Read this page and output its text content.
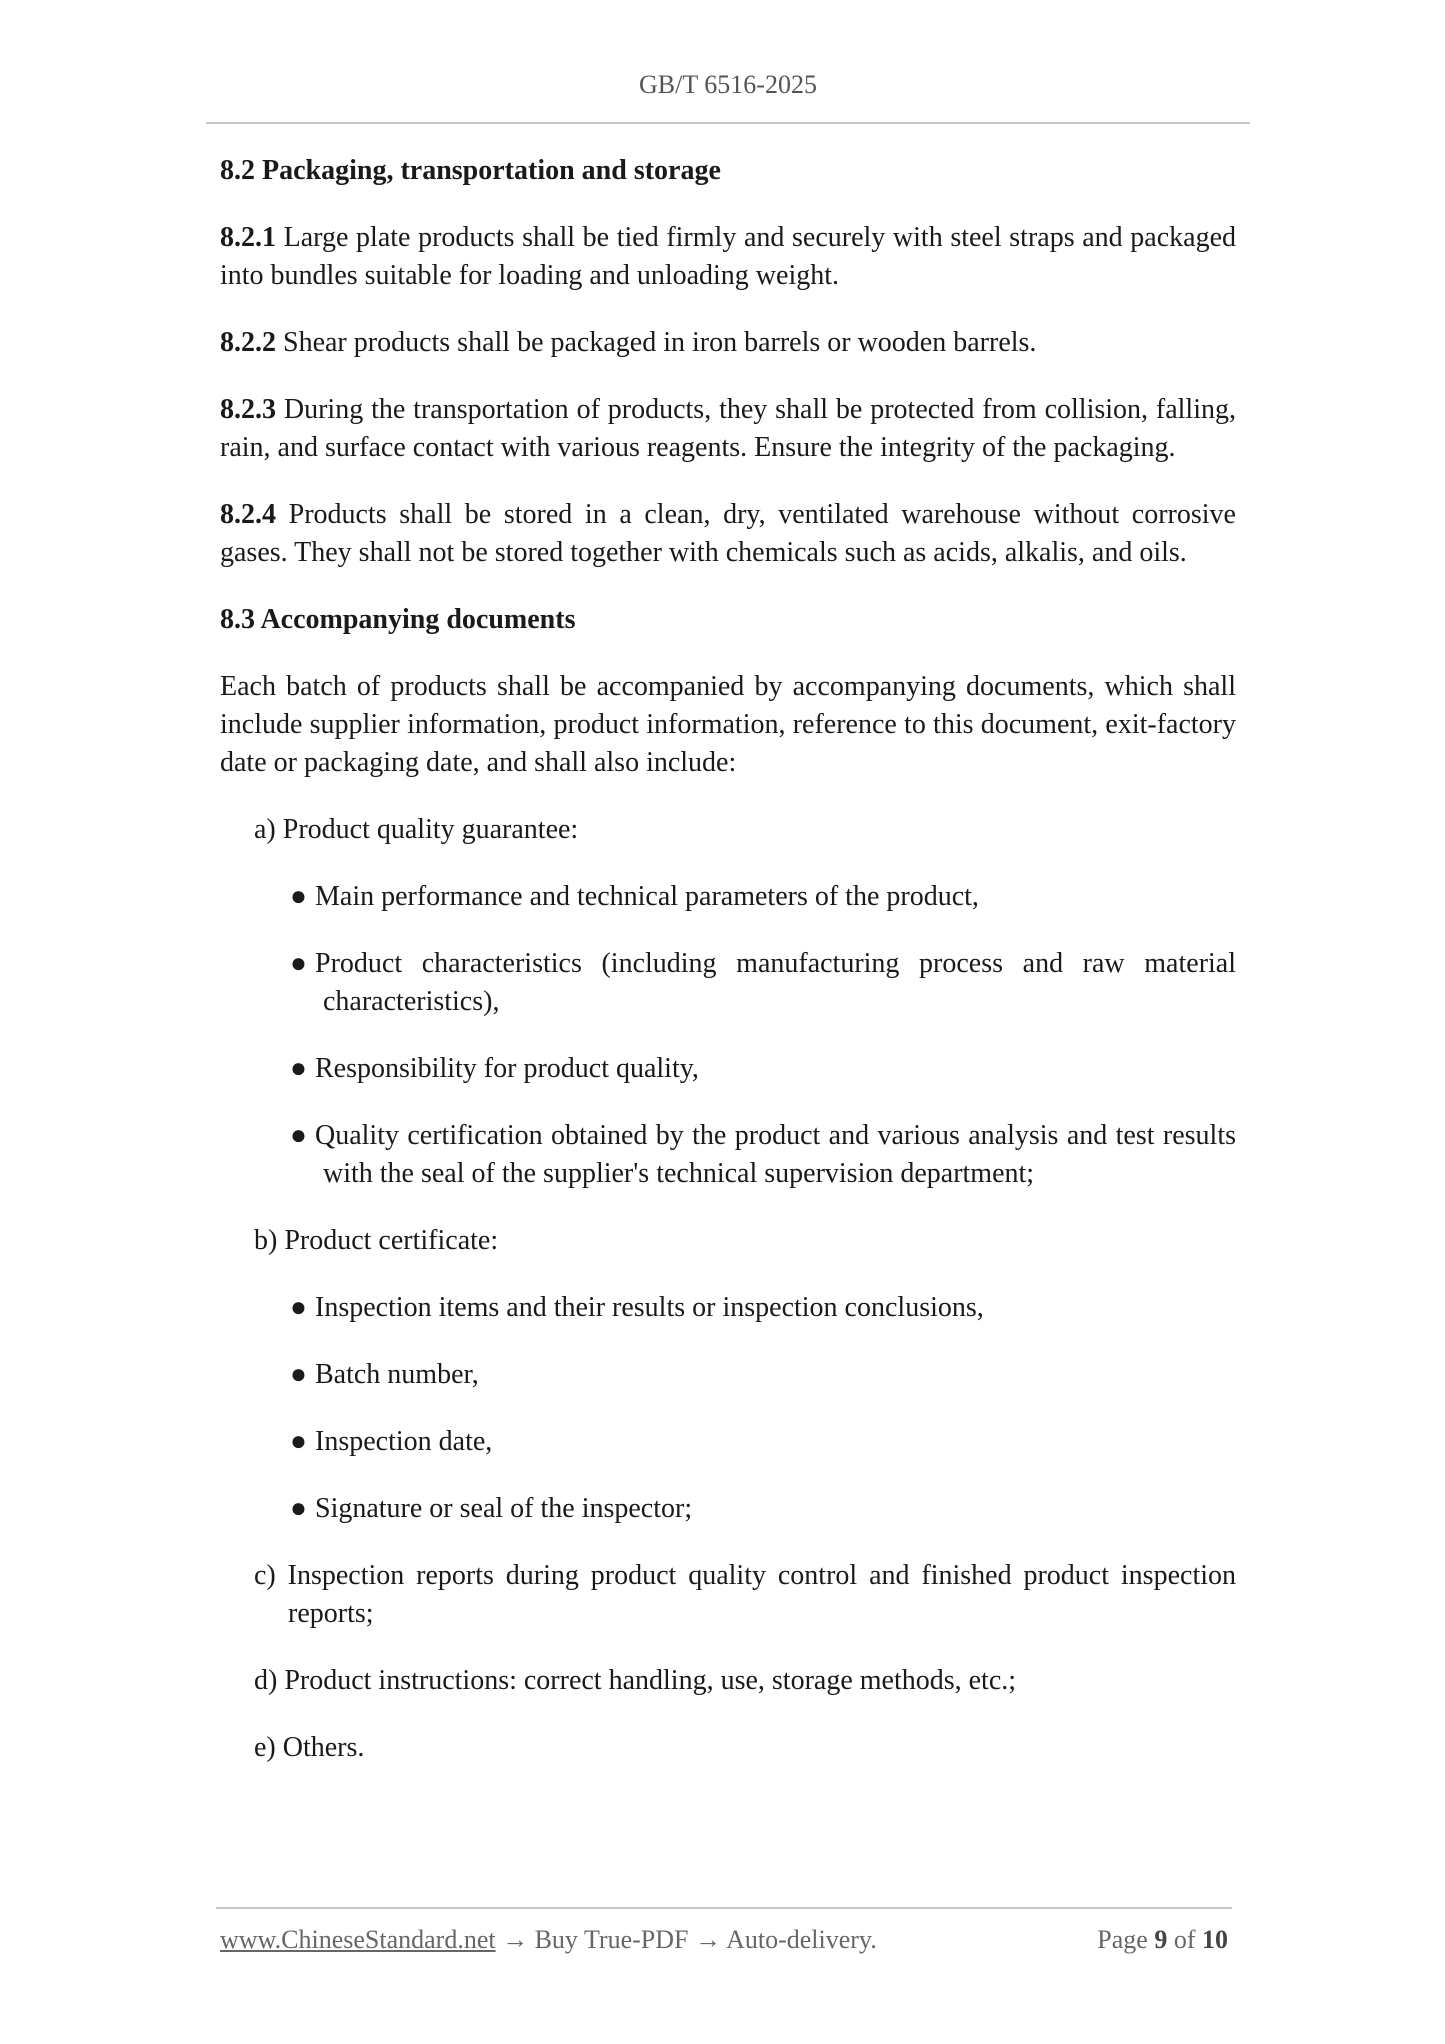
GB/T 6516-2025
8.2 Packaging, transportation and storage
8.2.1 Large plate products shall be tied firmly and securely with steel straps and packaged into bundles suitable for loading and unloading weight.
8.2.2 Shear products shall be packaged in iron barrels or wooden barrels.
8.2.3 During the transportation of products, they shall be protected from collision, falling, rain, and surface contact with various reagents. Ensure the integrity of the packaging.
8.2.4 Products shall be stored in a clean, dry, ventilated warehouse without corrosive gases. They shall not be stored together with chemicals such as acids, alkalis, and oils.
8.3 Accompanying documents
Each batch of products shall be accompanied by accompanying documents, which shall include supplier information, product information, reference to this document, exit-factory date or packaging date, and shall also include:
a) Product quality guarantee:
● Main performance and technical parameters of the product,
● Product characteristics (including manufacturing process and raw material characteristics),
● Responsibility for product quality,
● Quality certification obtained by the product and various analysis and test results with the seal of the supplier's technical supervision department;
b) Product certificate:
● Inspection items and their results or inspection conclusions,
● Batch number,
● Inspection date,
● Signature or seal of the inspector;
c) Inspection reports during product quality control and finished product inspection reports;
d) Product instructions: correct handling, use, storage methods, etc.;
e) Others.
www.ChineseStandard.net → Buy True-PDF → Auto-delivery.	Page 9 of 10
